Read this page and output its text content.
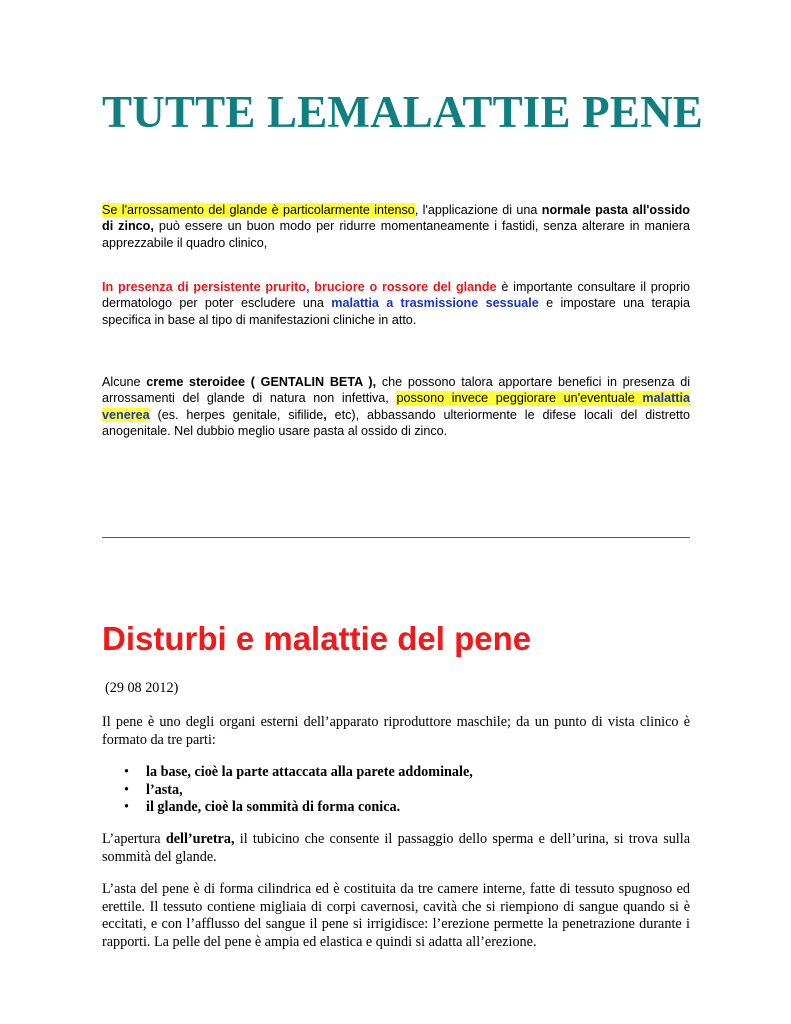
TUTTE LEMALATTIE PENE

Se l'arrossamento del glande è particolarmente intenso, l'applicazione di una normale pasta all'ossido di zinco, può essere un buon modo per ridurre momentaneamente i fastidi, senza alterare in maniera apprezzabile il quadro clinico,

In presenza di persistente prurito, bruciore o rossore del glande è importante consultare il proprio dermatologo per poter escludere una malattia a trasmissione sessuale e impostare una terapia specifica in base al tipo di manifestazioni cliniche in atto.

Alcune creme steroidee ( GENTALIN BETA ), che possono talora apportare benefici in presenza di arrossamenti del glande di natura non infettiva, possono invece peggiorare un'eventuale malattia venerea (es. herpes genitale, sifilide, etc), abbassando ulteriormente le difese locali del distretto anogenitale. Nel dubbio meglio usare pasta al ossido di zinco.

Disturbi e malattie del pene

(29 08 2012)

Il pene è uno degli organi esterni dell’apparato riproduttore maschile; da un punto di vista clinico è formato da tre parti:

• la base, cioè la parte attaccata alla parete addominale,
• l’asta,
• il glande, cioè la sommità di forma conica.

L’apertura dell’uretra, il tubicino che consente il passaggio dello sperma e dell’urina, si trova sulla sommità del glande.

L’asta del pene è di forma cilindrica ed è costituita da tre camere interne, fatte di tessuto spugnoso ed erettile. Il tessuto contiene migliaia di corpi cavernosi, cavità che si riempiono di sangue quando si è eccitati, e con l’afflusso del sangue il pene si irrigidisce: l’erezione permette la penetrazione durante i rapporti. La pelle del pene è ampia ed elastica e quindi si adatta all’erezione.
